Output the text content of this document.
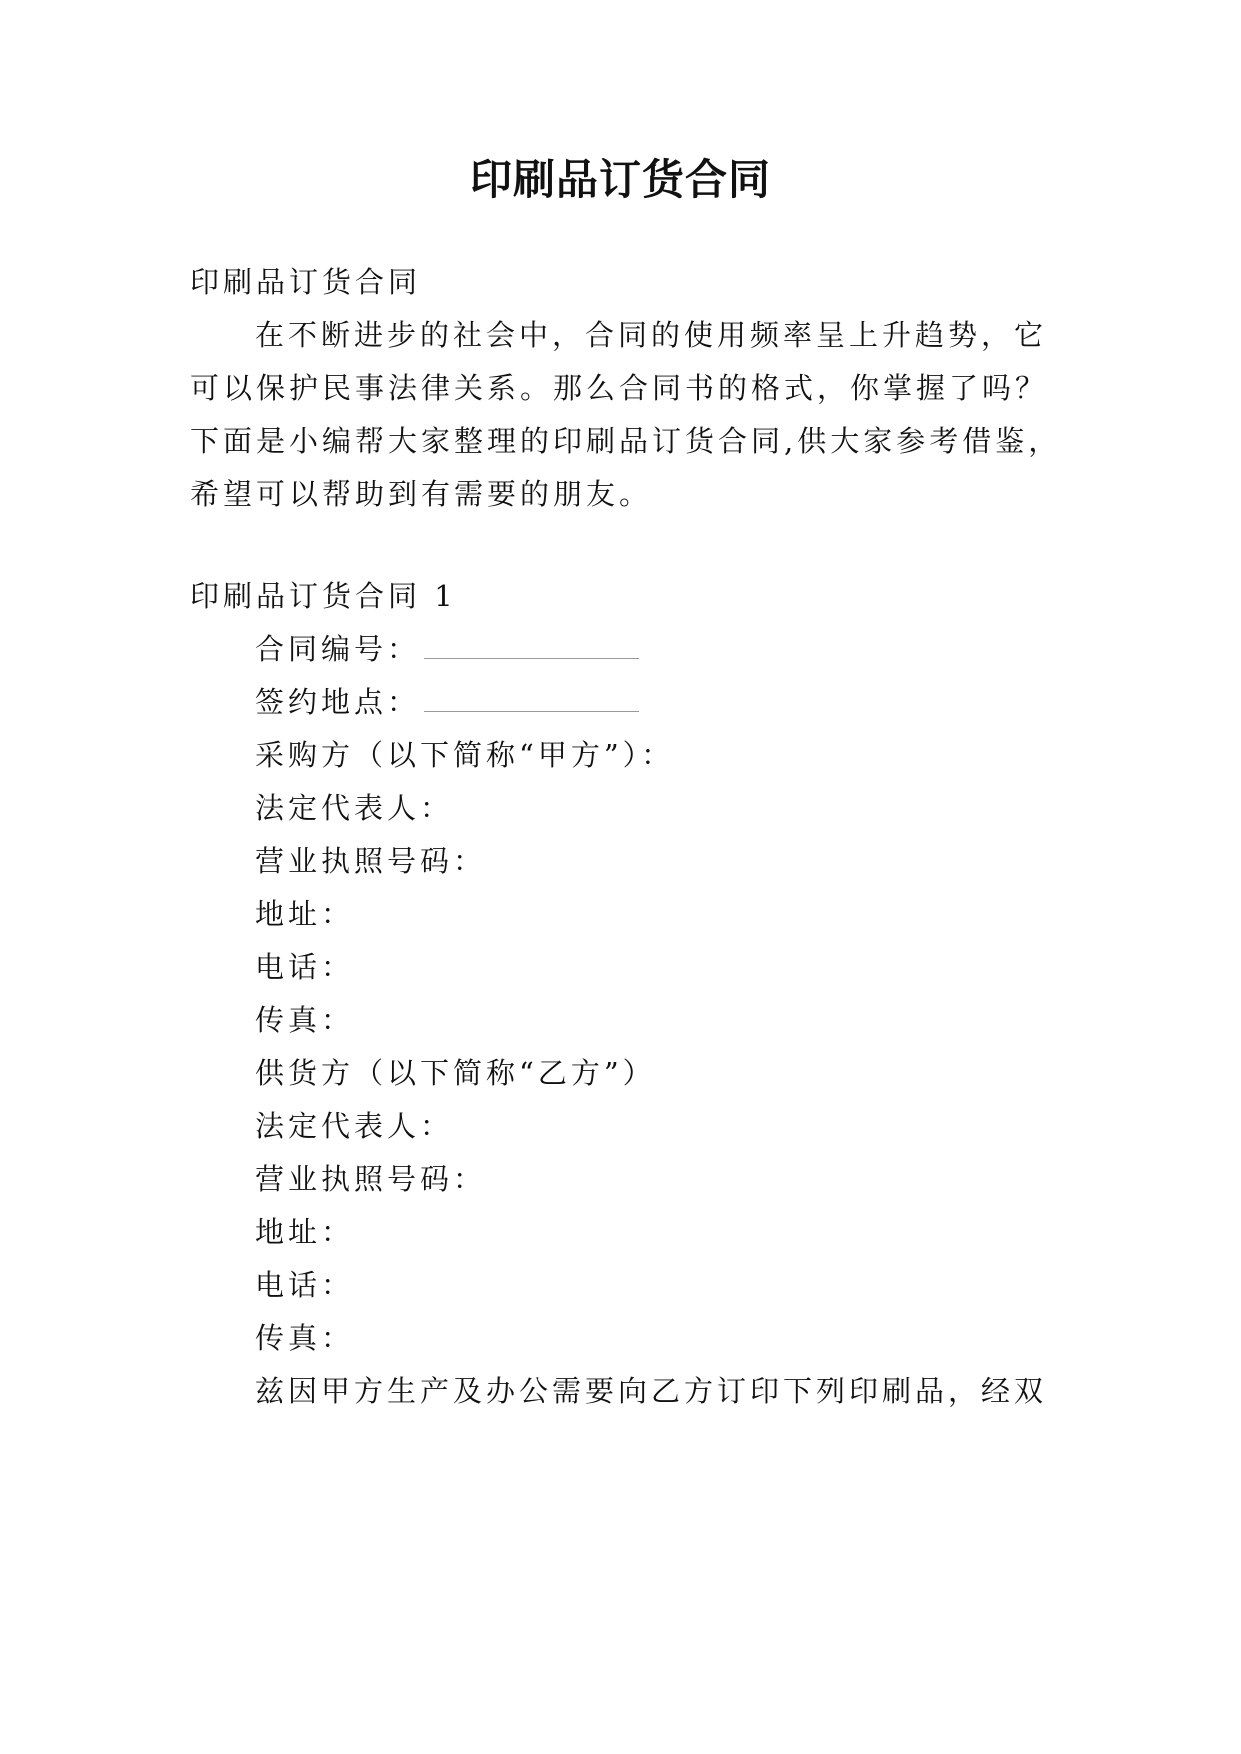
印刷品订货合同
印刷品订货合同
在不断进步的社会中，合同的使用频率呈上升趋势，它
可以保护民事法律关系。那么合同书的格式，你掌握了吗？
下面是小编帮大家整理的印刷品订货合同,供大家参考借鉴，
希望可以帮助到有需要的朋友。
印刷品订货合同 1
合同编号：
签约地点：
采购方（以下简称“甲方”）：
法定代表人：
营业执照号码：
地址：
电话：
传真：
供货方（以下简称“乙方”）
法定代表人：
营业执照号码：
地址：
电话：
传真：
兹因甲方生产及办公需要向乙方订印下列印刷品，经双
